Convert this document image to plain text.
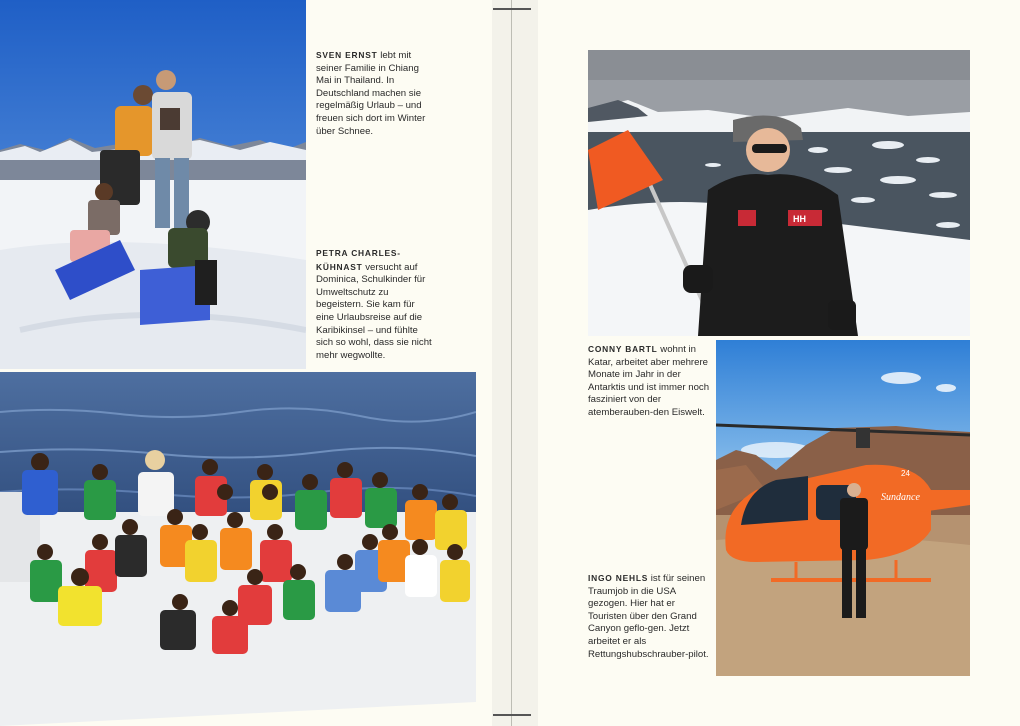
SVEN ERNST lebt mit seiner Familie in Chiang Mai in Thailand. In Deutschland machen sie regelmäßig Urlaub – und freuen sich dort im Winter über Schnee.
PETRA CHARLES-KÜHNAST versucht auf Dominica, Schulkinder für Umweltschutz zu begeistern. Sie kam für eine Urlaubsreise auf die Karibikinsel – und fühlte sich so wohl, dass sie nicht mehr wegwollte.
HH
CONNY BARTL wohnt in Katar, arbeitet aber mehrere Monate im Jahr in der Antarktis und ist immer noch fasziniert von der atemberauben-den Eiswelt.
Sundance
24
INGO NEHLS ist für seinen Traumjob in die USA gezogen. Hier hat er Touristen über den Grand Canyon geflo-gen. Jetzt arbeitet er als Rettungshubschrauber-pilot.
